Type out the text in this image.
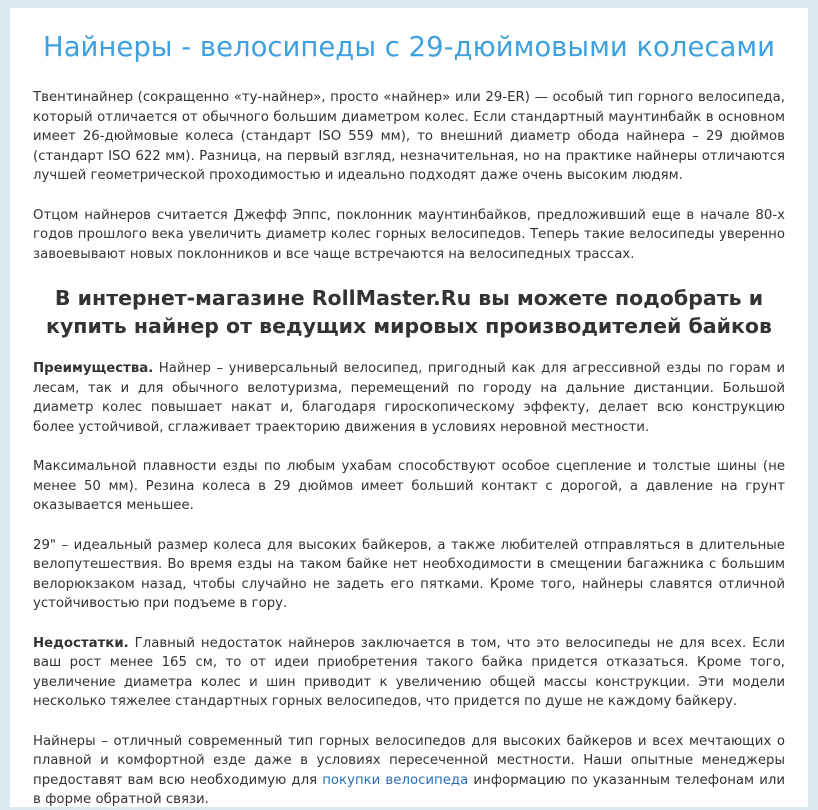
Найнеры - велосипеды с 29-дюймовыми колесами

Твентинайнер (сокращенно «ту-найнер», просто «найнер» или 29-ER) — особый тип горного велосипеда, который отличается от обычного большим диаметром колес. Если стандартный маунтинбайк в основном имеет 26-дюймовые колеса (стандарт ISO 559 мм), то внешний диаметр обода найнера – 29 дюймов (стандарт ISO 622 мм). Разница, на первый взгляд, незначительная, но на практике найнеры отличаются лучшей геометрической проходимостью и идеально подходят даже очень высоким людям.

Отцом найнеров считается Джефф Эппс, поклонник маунтинбайков, предложивший еще в начале 80-х годов прошлого века увеличить диаметр колес горных велосипедов. Теперь такие велосипеды уверенно завоевывают новых поклонников и все чаще встречаются на велосипедных трассах.

В интернет-магазине RollMaster.Ru вы можете подобрать и
купить найнер от ведущих мировых производителей байков

Преимущества. Найнер – универсальный велосипед, пригодный как для агрессивной езды по горам и лесам, так и для обычного велотуризма, перемещений по городу на дальние дистанции. Большой диаметр колес повышает накат и, благодаря гироскопическому эффекту, делает всю конструкцию более устойчивой, сглаживает траекторию движения в условиях неровной местности.

Максимальной плавности езды по любым ухабам способствуют особое сцепление и толстые шины (не менее 50 мм). Резина колеса в 29 дюймов имеет больший контакт с дорогой, а давление на грунт оказывается меньшее.

29" – идеальный размер колеса для высоких байкеров, а также любителей отправляться в длительные велопутешествия. Во время езды на таком байке нет необходимости в смещении багажника с большим велорюкзаком назад, чтобы случайно не задеть его пятками. Кроме того, найнеры славятся отличной устойчивостью при подъеме в гору.

Недостатки. Главный недостаток найнеров заключается в том, что это велосипеды не для всех. Если ваш рост менее 165 см, то от идеи приобретения такого байка придется отказаться. Кроме того, увеличение диаметра колес и шин приводит к увеличению общей массы конструкции. Эти модели несколько тяжелее стандартных горных велосипедов, что придется по душе не каждому байкеру.

Найнеры – отличный современный тип горных велосипедов для высоких байкеров и всех мечтающих о плавной и комфортной езде даже в условиях пересеченной местности. Наши опытные менеджеры предоставят вам всю необходимую для покупки велосипеда информацию по указанным телефонам или в форме обратной связи.
